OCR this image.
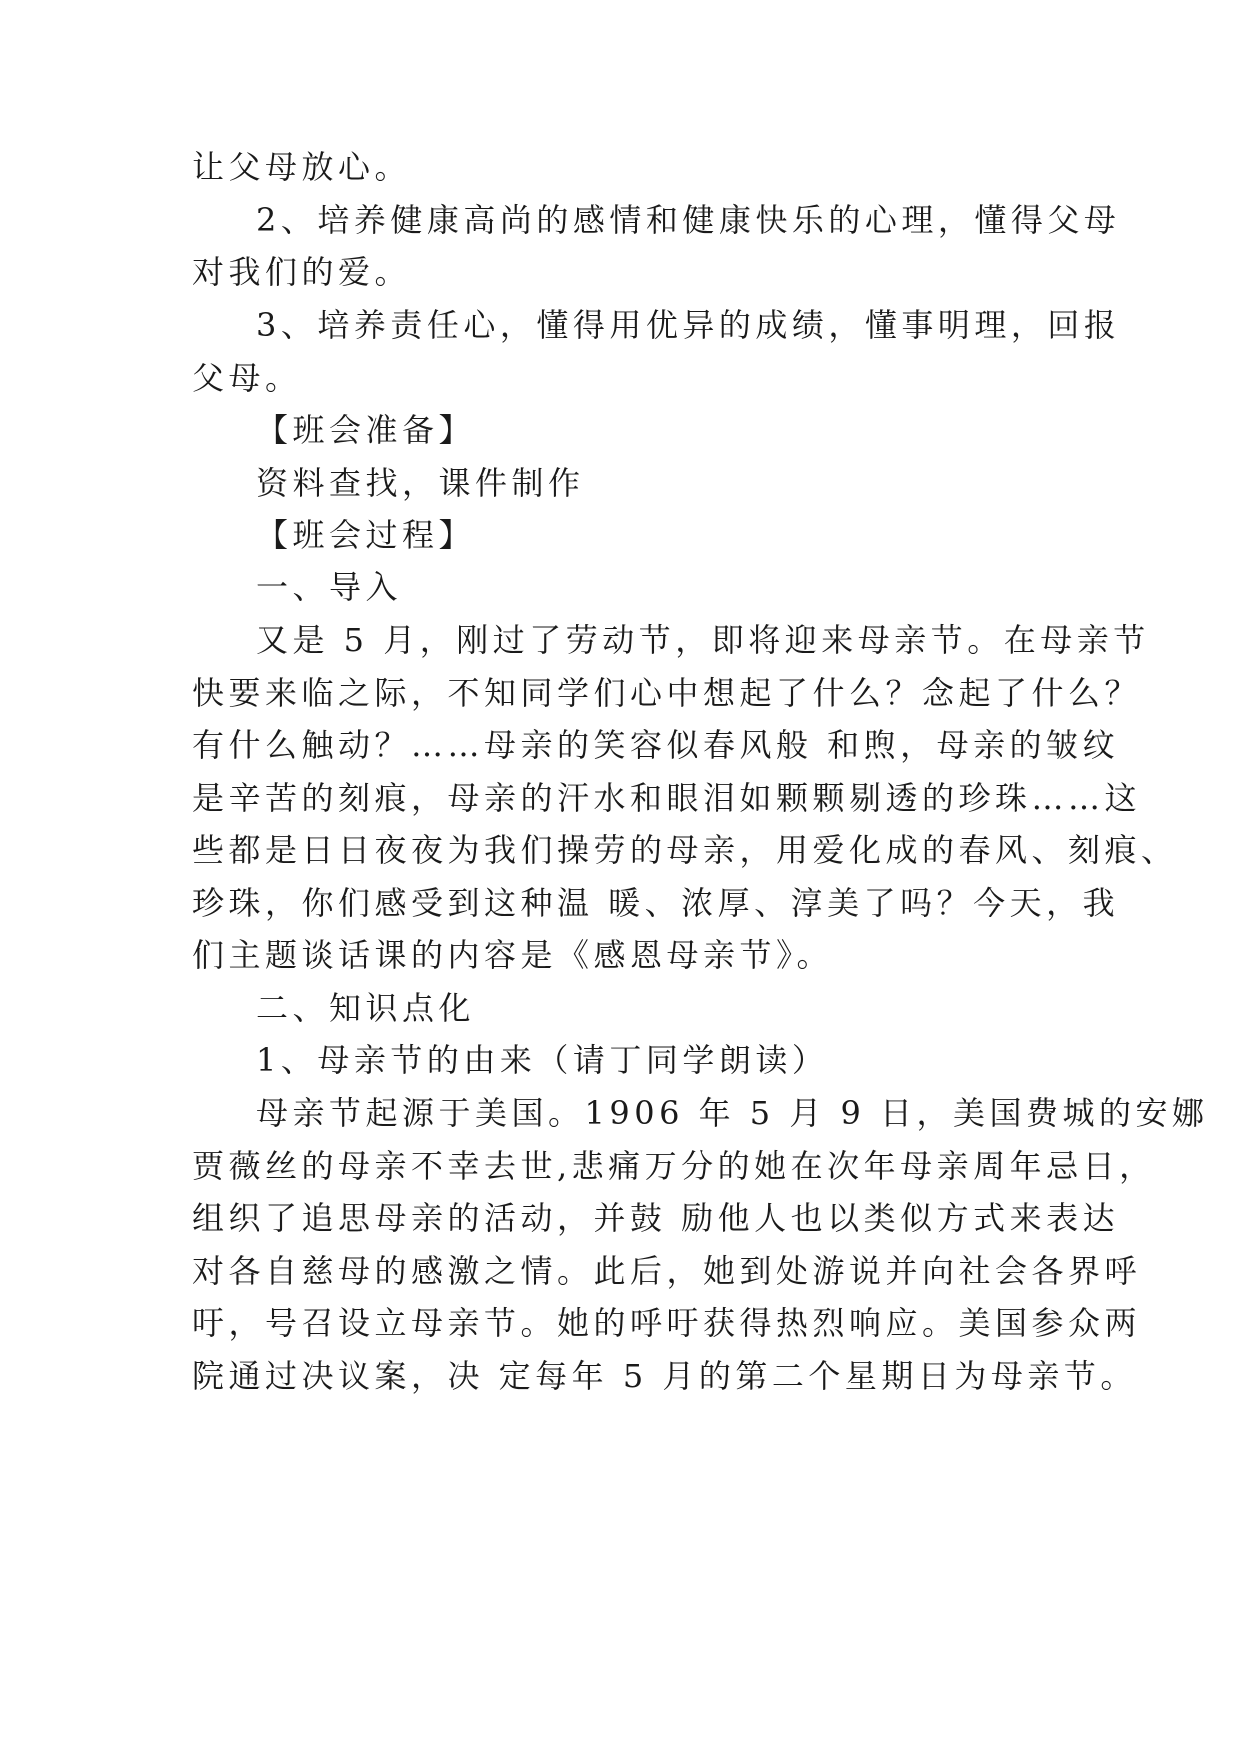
让父母放心。

2、培养健康高尚的感情和健康快乐的心理，懂得父母

对我们的爱。

3、培养责任心，懂得用优异的成绩，懂事明理，回报

父母。

【班会准备】

资料查找，课件制作

【班会过程】

一、导入

又是 5 月，刚过了劳动节，即将迎来母亲节。在母亲节

快要来临之际，不知同学们心中想起了什么？念起了什么？

有什么触动？……母亲的笑容似春风般 和煦，母亲的皱纹

是辛苦的刻痕，母亲的汗水和眼泪如颗颗剔透的珍珠……这

些都是日日夜夜为我们操劳的母亲，用爱化成的春风、刻痕、

珍珠，你们感受到这种温 暖、浓厚、淳美了吗？今天，我

们主题谈话课的内容是《感恩母亲节》。

二、知识点化

1、母亲节的由来（请丁同学朗读）

母亲节起源于美国。1906 年 5 月 9 日，美国费城的安娜

贾薇丝的母亲不幸去世,悲痛万分的她在次年母亲周年忌日，

组织了追思母亲的活动，并鼓 励他人也以类似方式来表达

对各自慈母的感激之情。此后，她到处游说并向社会各界呼

吁，号召设立母亲节。她的呼吁获得热烈响应。美国参众两

院通过决议案，决 定每年 5 月的第二个星期日为母亲节。
